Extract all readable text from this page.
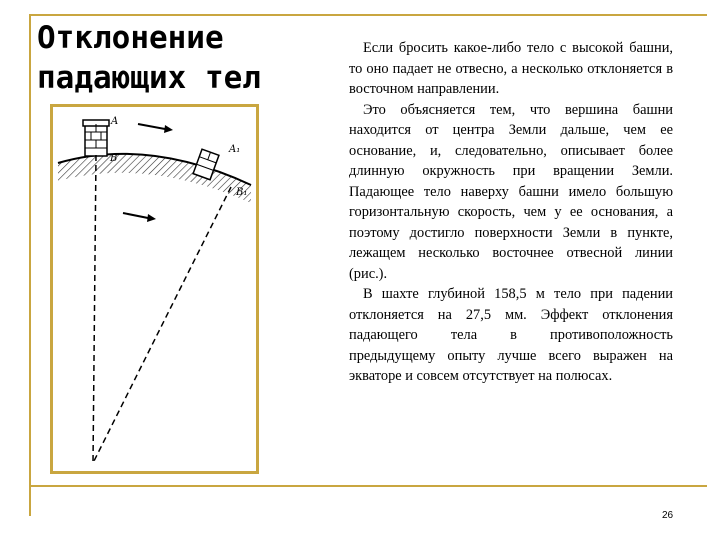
Отклонение
падающих тел
A
B
A₁
B₁

Если бросить какое-либо тело с высокой башни, то оно падает не отвесно, а несколько отклоняется в восточном направлении.

Это объясняется тем, что вершина башни находится от центра Земли дальше, чем ее основание, и, следовательно, описывает более длинную окружность при вращении Земли. Падающее тело наверху башни имело большую горизонтальную скорость, чем у ее основания, а поэтому достигло поверхности Земли в пункте, лежащем несколько восточнее отвесной линии (рис.).

В шахте глубиной 158,5 м тело при падении отклоняется на 27,5 мм. Эффект отклонения падающего тела в противоположность предыдущему опыту лучше всего выражен на экваторе и совсем отсутствует на полюсах.

26
